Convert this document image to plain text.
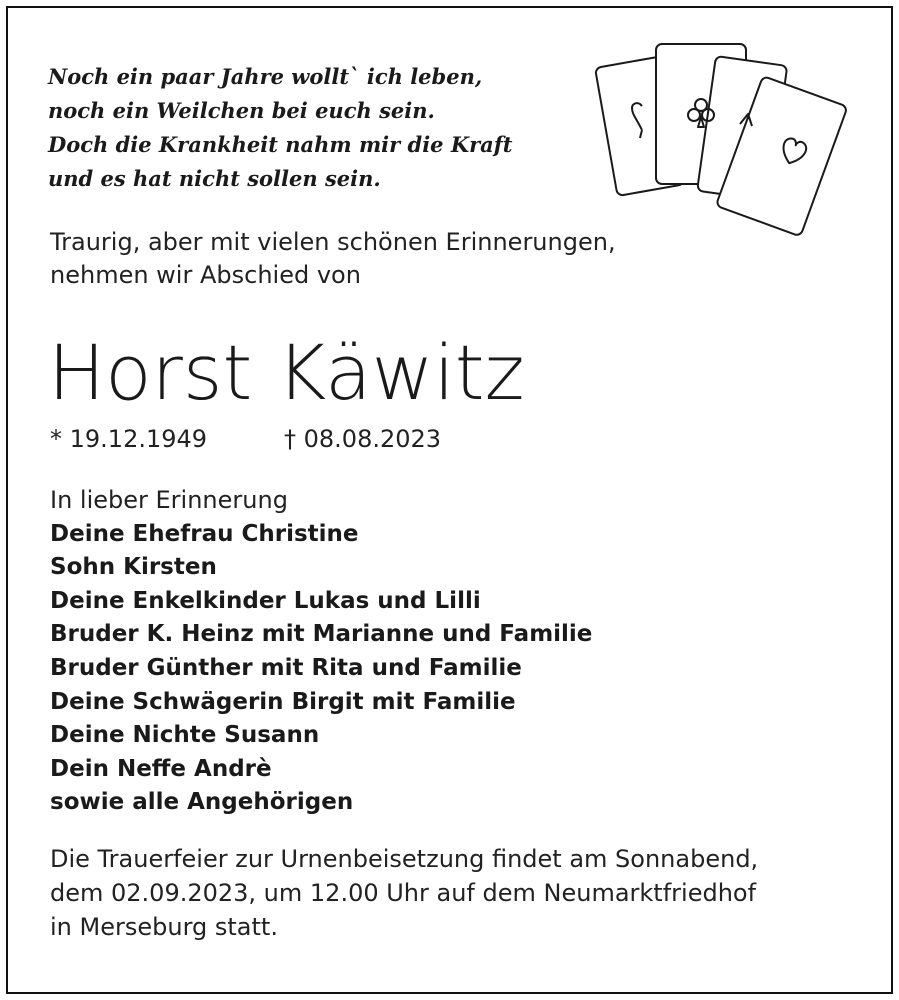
Noch ein paar Jahre wollt` ich leben,
noch ein Weilchen bei euch sein.
Doch die Krankheit nahm mir die Kraft
und es hat nicht sollen sein.
Traurig, aber mit vielen schönen Erinnerungen,
nehmen wir Abschied von
Horst Käwitz
* 19.12.1949	† 08.08.2023
In lieber Erinnerung
Deine Ehefrau Christine
Sohn Kirsten
Deine Enkelkinder Lukas und Lilli
Bruder K. Heinz mit Marianne und Familie
Bruder Günther mit Rita und Familie
Deine Schwägerin Birgit mit Familie
Deine Nichte Susann
Dein Neffe Andrè
sowie alle Angehörigen
Die Trauerfeier zur Urnenbeisetzung findet am Sonnabend,
dem 02.09.2023, um 12.00 Uhr auf dem Neumarktfriedhof
in Merseburg statt.
